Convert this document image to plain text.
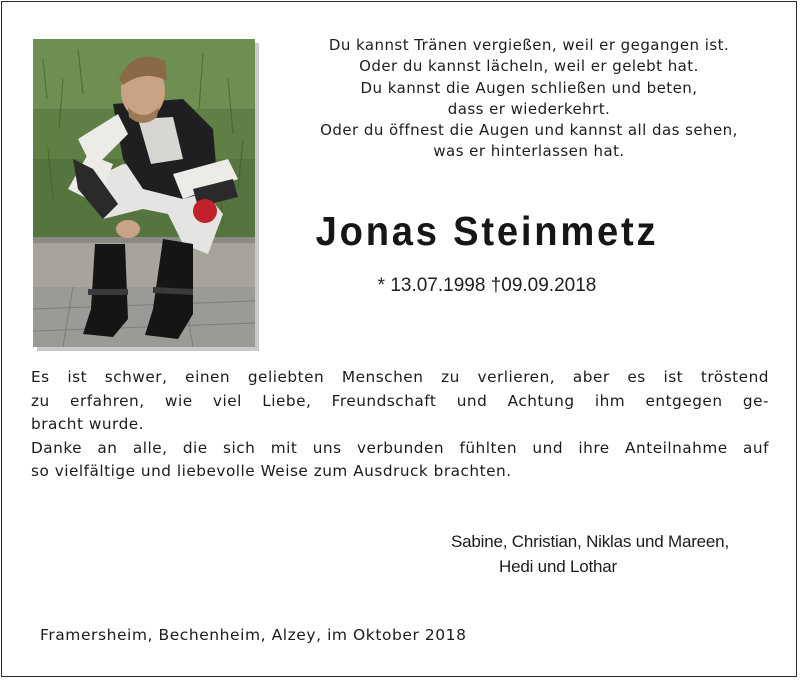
Du kannst Tränen vergießen, weil er gegangen ist.
Oder du kannst lächeln, weil er gelebt hat.
Du kannst die Augen schließen und beten,
dass er wiederkehrt.
Oder du öffnest die Augen und kannst all das sehen,
was er hinterlassen hat.
Jonas Steinmetz
* 13.07.1998 †09.09.2018
Es ist schwer, einen geliebten Menschen zu verlieren, aber es ist tröstend
zu erfahren, wie viel Liebe, Freundschaft und Achtung ihm entgegen ge-
bracht wurde.
Danke an alle, die sich mit uns verbunden fühlten und ihre Anteilnahme auf
so vielfältige und liebevolle Weise zum Ausdruck brachten.
Sabine, Christian, Niklas und Mareen,
Hedi und Lothar
Framersheim, Bechenheim, Alzey, im Oktober 2018
